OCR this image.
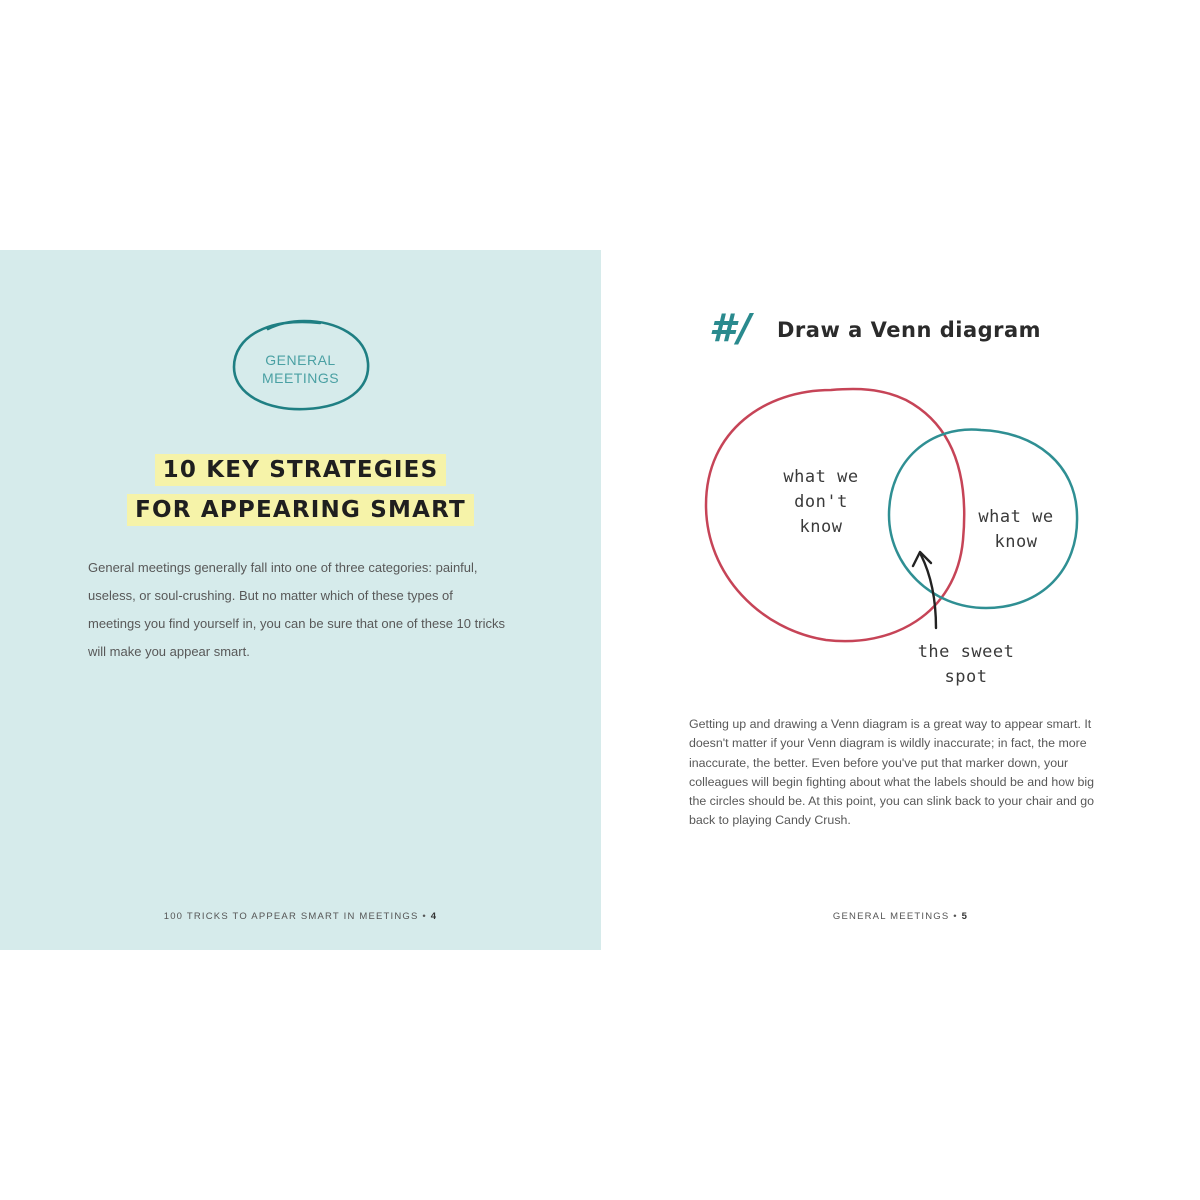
GENERAL
MEETINGS
10 KEY STRATEGIES
FOR APPEARING SMART

General meetings generally fall into one of three categories: painful, useless, or soul-crushing. But no matter which of these types of meetings you find yourself in, you can be sure that one of these 10 tricks will make you appear smart.

100 TRICKS TO APPEAR SMART IN MEETINGS • 4
#/ Draw a Venn diagram
what we
don't
know	what we
know
the sweet
spot

Getting up and drawing a Venn diagram is a great way to appear smart. It doesn't matter if your Venn diagram is wildly inaccurate; in fact, the more inaccurate, the better. Even before you've put that marker down, your colleagues will begin fighting about what the labels should be and how big the circles should be. At this point, you can slink back to your chair and go back to playing Candy Crush.

GENERAL MEETINGS • 5
